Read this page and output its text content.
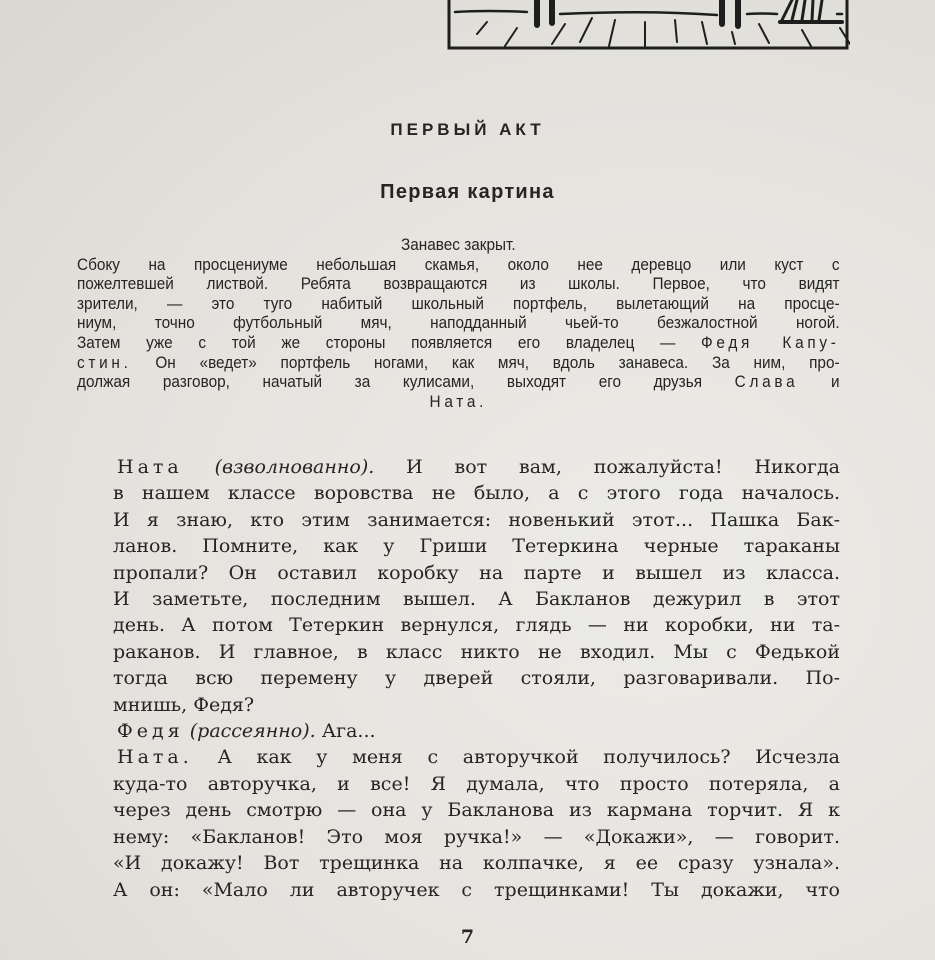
ПЕРВЫЙ АКТ
Первая картина
Занавес закрыт.
Сбоку на просцениуме небольшая скамья, около нее деревцо или куст с
пожелтевшей листвой. Ребята возвращаются из школы. Первое, что видят
зрители, — это туго набитый школьный портфель, вылетающий на просце-
ниум, точно футбольный мяч, наподданный чьей-то безжалостной ногой.
Затем уже с той же стороны появляется его владелец — Федя Капу-
стин. Он «ведет» портфель ногами, как мяч, вдоль занавеса. За ним, про-
должая разговор, начатый за кулисами, выходят его друзья Слава и
Ната.
Ната (взволнованно). И вот вам, пожалуйста! Никогда
в нашем классе воровства не было, а с этого года началось.
И я знаю, кто этим занимается: новенький этот... Пашка Бак-
ланов. Помните, как у Гриши Тетеркина черные тараканы
пропали? Он оставил коробку на парте и вышел из класса.
И заметьте, последним вышел. А Бакланов дежурил в этот
день. А потом Тетеркин вернулся, глядь — ни коробки, ни та-
раканов. И главное, в класс никто не входил. Мы с Федькой
тогда всю перемену у дверей стояли, разговаривали. По-
мнишь, Федя?
Федя (рассеянно). Ага...
Ната. А как у меня с авторучкой получилось? Исчезла
куда-то авторучка, и все! Я думала, что просто потеряла, а
через день смотрю — она у Бакланова из кармана торчит. Я к
нему: «Бакланов! Это моя ручка!» — «Докажи», — говорит.
«И докажу! Вот трещинка на колпачке, я ее сразу узнала».
А он: «Мало ли авторучек с трещинками! Ты докажи, что
7
